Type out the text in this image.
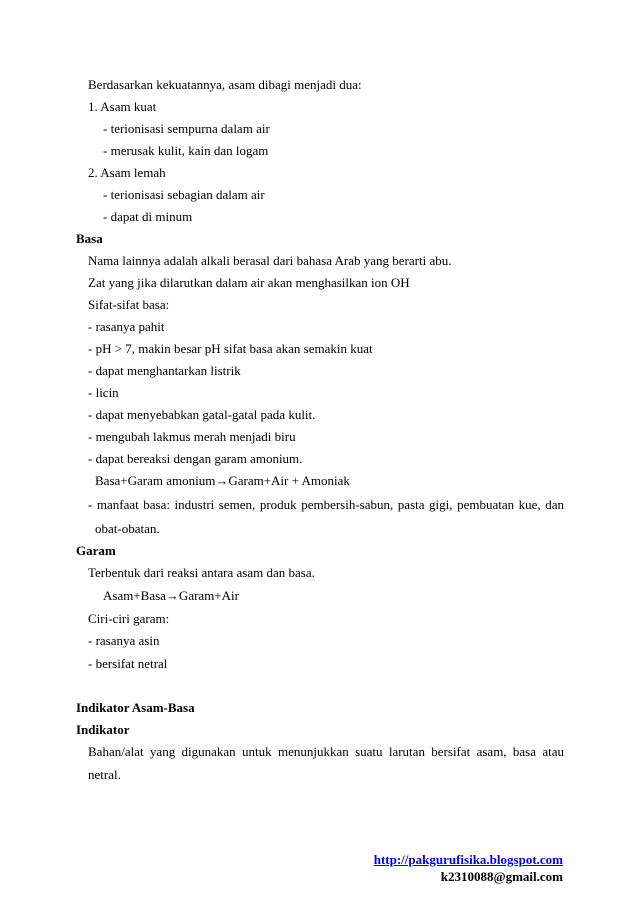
Berdasarkan kekuatannya, asam dibagi menjadi dua:
1. Asam kuat
- terionisasi sempurna dalam air
- merusak kulit, kain dan logam
2. Asam lemah
- terionisasi sebagian dalam air
- dapat di minum
Basa
Nama lainnya adalah alkali berasal dari bahasa Arab yang berarti abu.
Zat yang jika dilarutkan dalam air akan menghasilkan ion OH
Sifat-sifat basa:
- rasanya pahit
- pH > 7, makin besar pH sifat basa akan semakin kuat
- dapat menghantarkan listrik
- licin
- dapat menyebabkan gatal-gatal pada kulit.
- mengubah lakmus merah menjadi biru
- dapat bereaksi dengan garam amonium.
Basa+Garam amonium→Garam+Air + Amoniak
- manfaat basa: industri semen, produk pembersih-sabun, pasta gigi, pembuatan kue, dan
obat-obatan.
Garam
Terbentuk dari reaksi antara asam dan basa.
Asam+Basa→Garam+Air
Ciri-ciri garam:
- rasanya asin
- bersifat netral
Indikator Asam-Basa
Indikator
Bahan/alat yang digunakan untuk menunjukkan suatu larutan bersifat asam, basa atau
netral.
http://pakgurufisika.blogspot.com
k2310088@gmail.com
